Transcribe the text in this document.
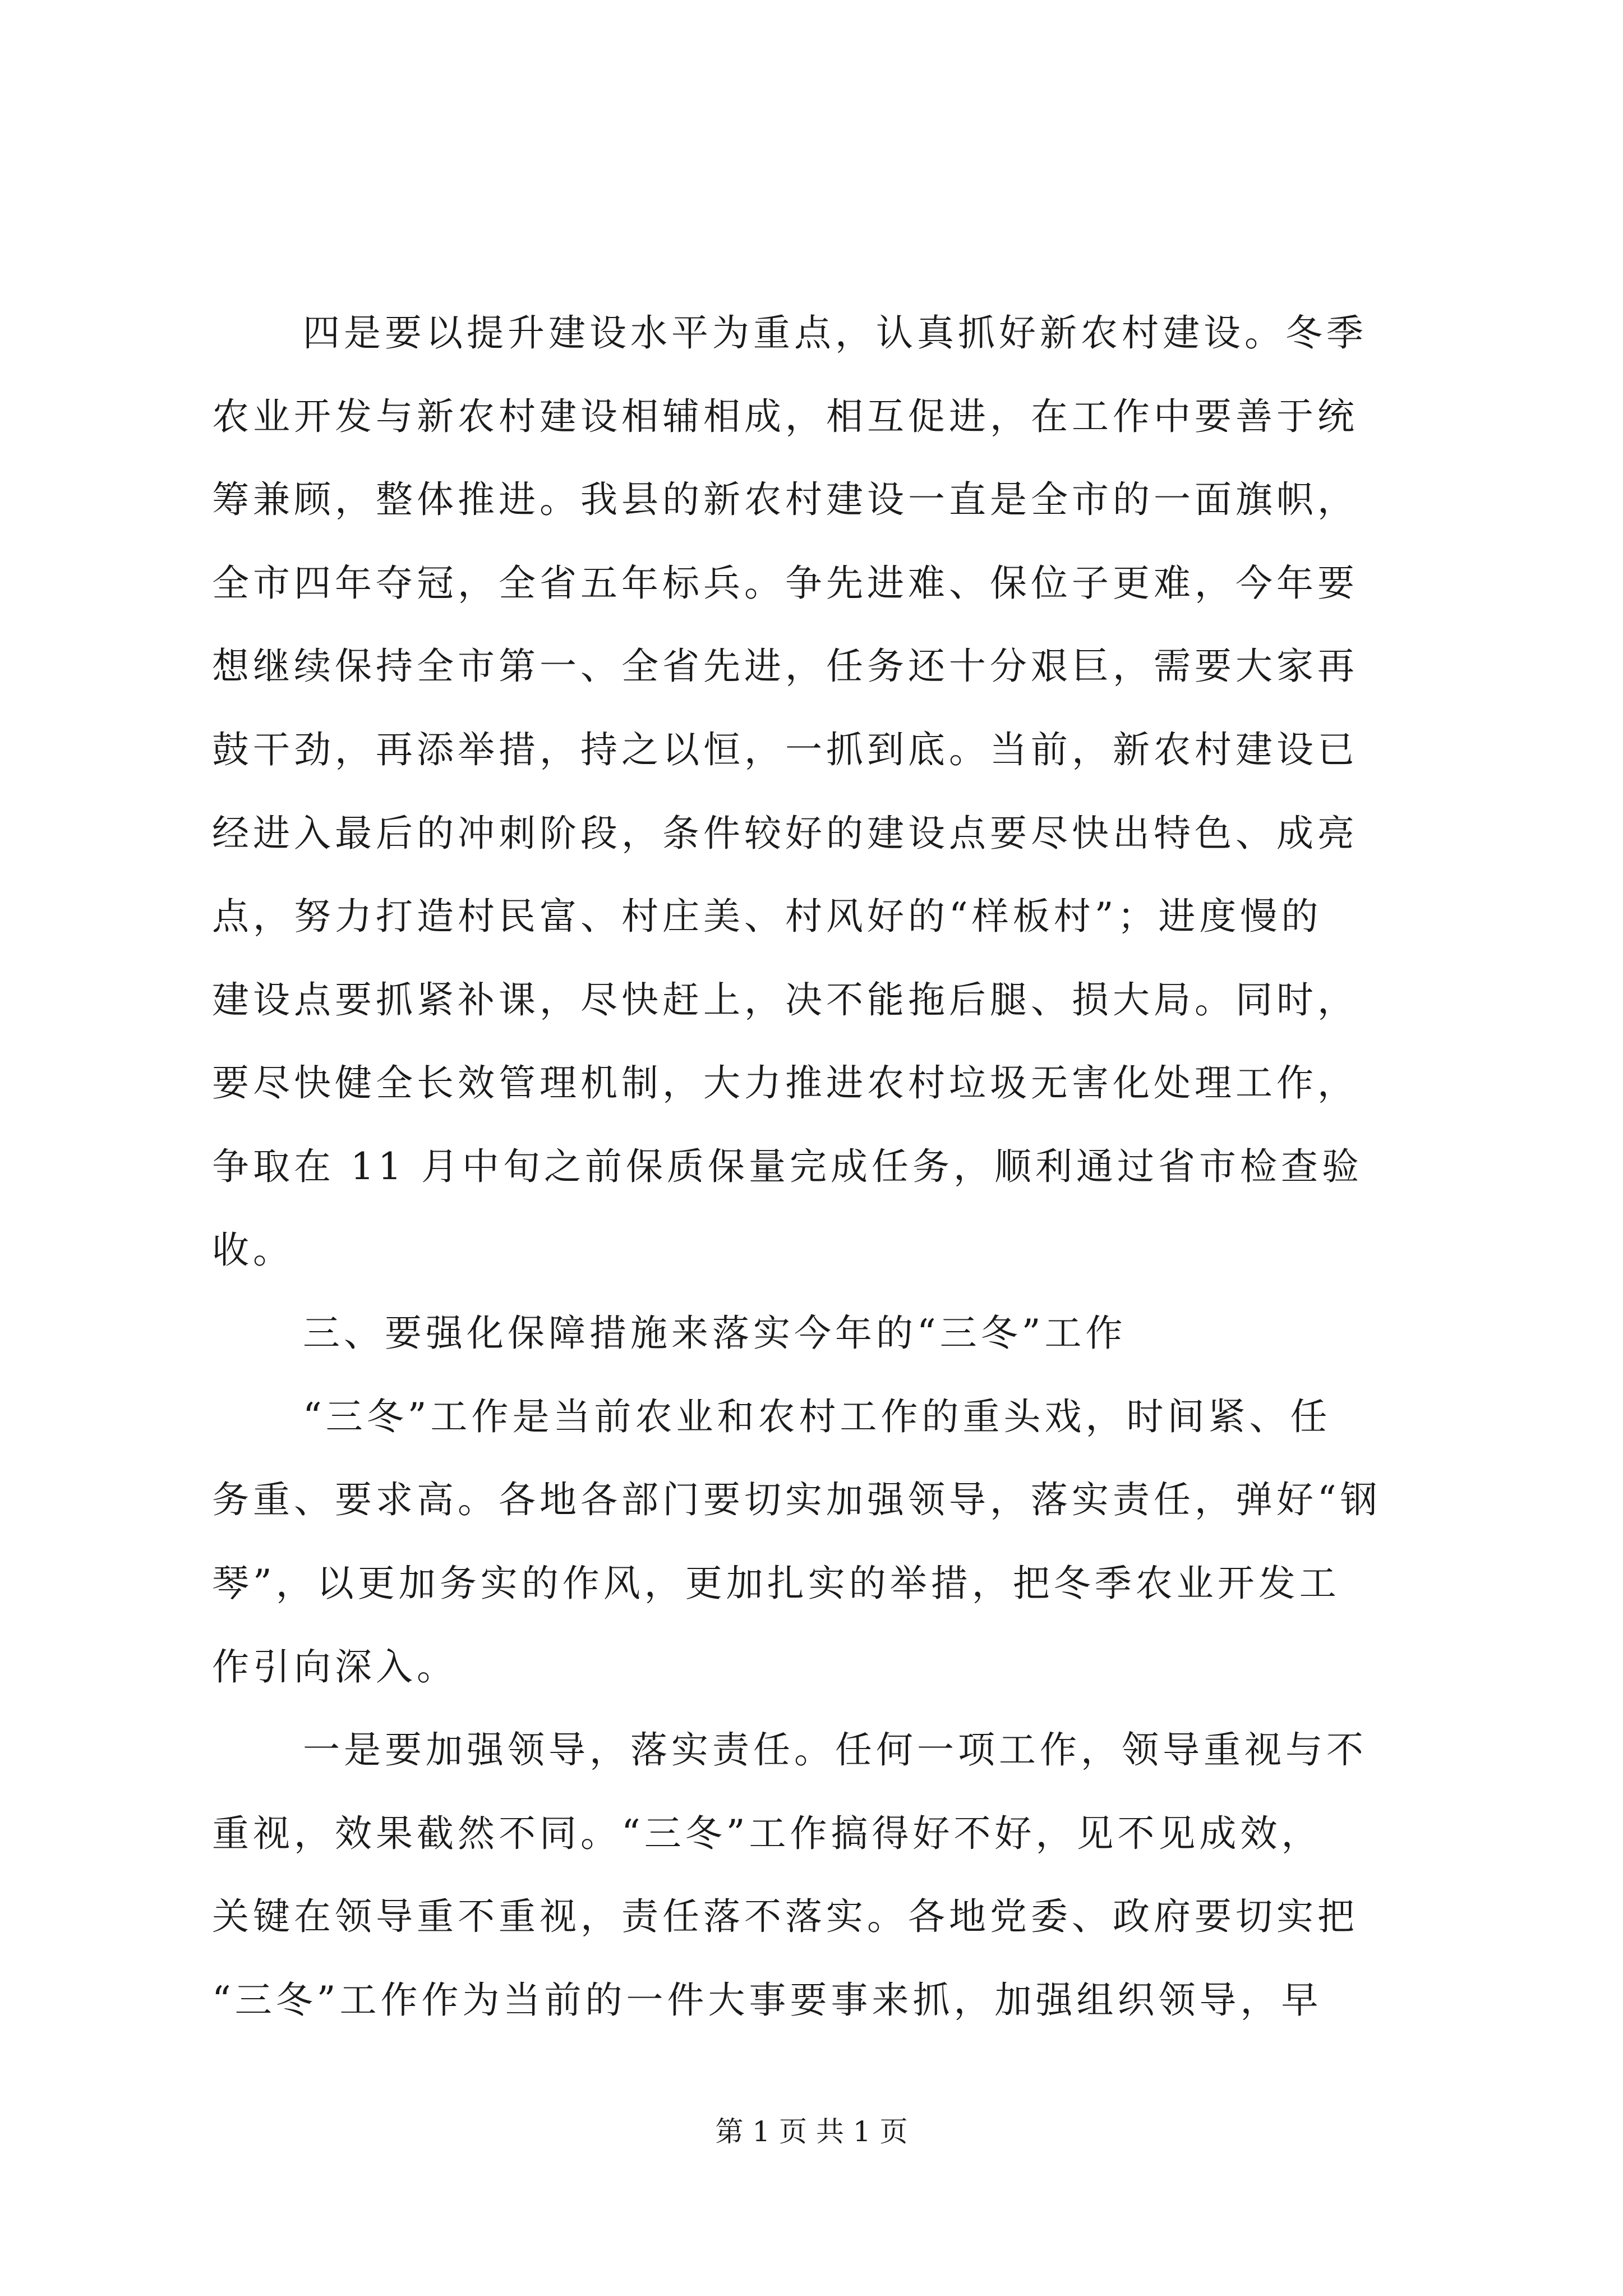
四是要以提升建设水平为重点，认真抓好新农村建设。冬季

农业开发与新农村建设相辅相成，相互促进，在工作中要善于统

筹兼顾，整体推进。我县的新农村建设一直是全市的一面旗帜，

全市四年夺冠，全省五年标兵。争先进难、保位子更难，今年要

想继续保持全市第一、全省先进，任务还十分艰巨，需要大家再

鼓干劲，再添举措，持之以恒，一抓到底。当前，新农村建设已

经进入最后的冲刺阶段，条件较好的建设点要尽快出特色、成亮

点，努力打造村民富、村庄美、村风好的“样板村”；进度慢的

建设点要抓紧补课，尽快赶上，决不能拖后腿、损大局。同时，

要尽快健全长效管理机制，大力推进农村垃圾无害化处理工作，

争取在 11 月中旬之前保质保量完成任务，顺利通过省市检查验

收。

三、要强化保障措施来落实今年的“三冬”工作

“三冬”工作是当前农业和农村工作的重头戏，时间紧、任

务重、要求高。各地各部门要切实加强领导，落实责任，弹好“钢

琴”，以更加务实的作风，更加扎实的举措，把冬季农业开发工

作引向深入。

一是要加强领导，落实责任。任何一项工作，领导重视与不

重视，效果截然不同。“三冬”工作搞得好不好，见不见成效，

关键在领导重不重视，责任落不落实。各地党委、政府要切实把

“三冬”工作作为当前的一件大事要事来抓，加强组织领导，早

第 1 页 共 1 页
